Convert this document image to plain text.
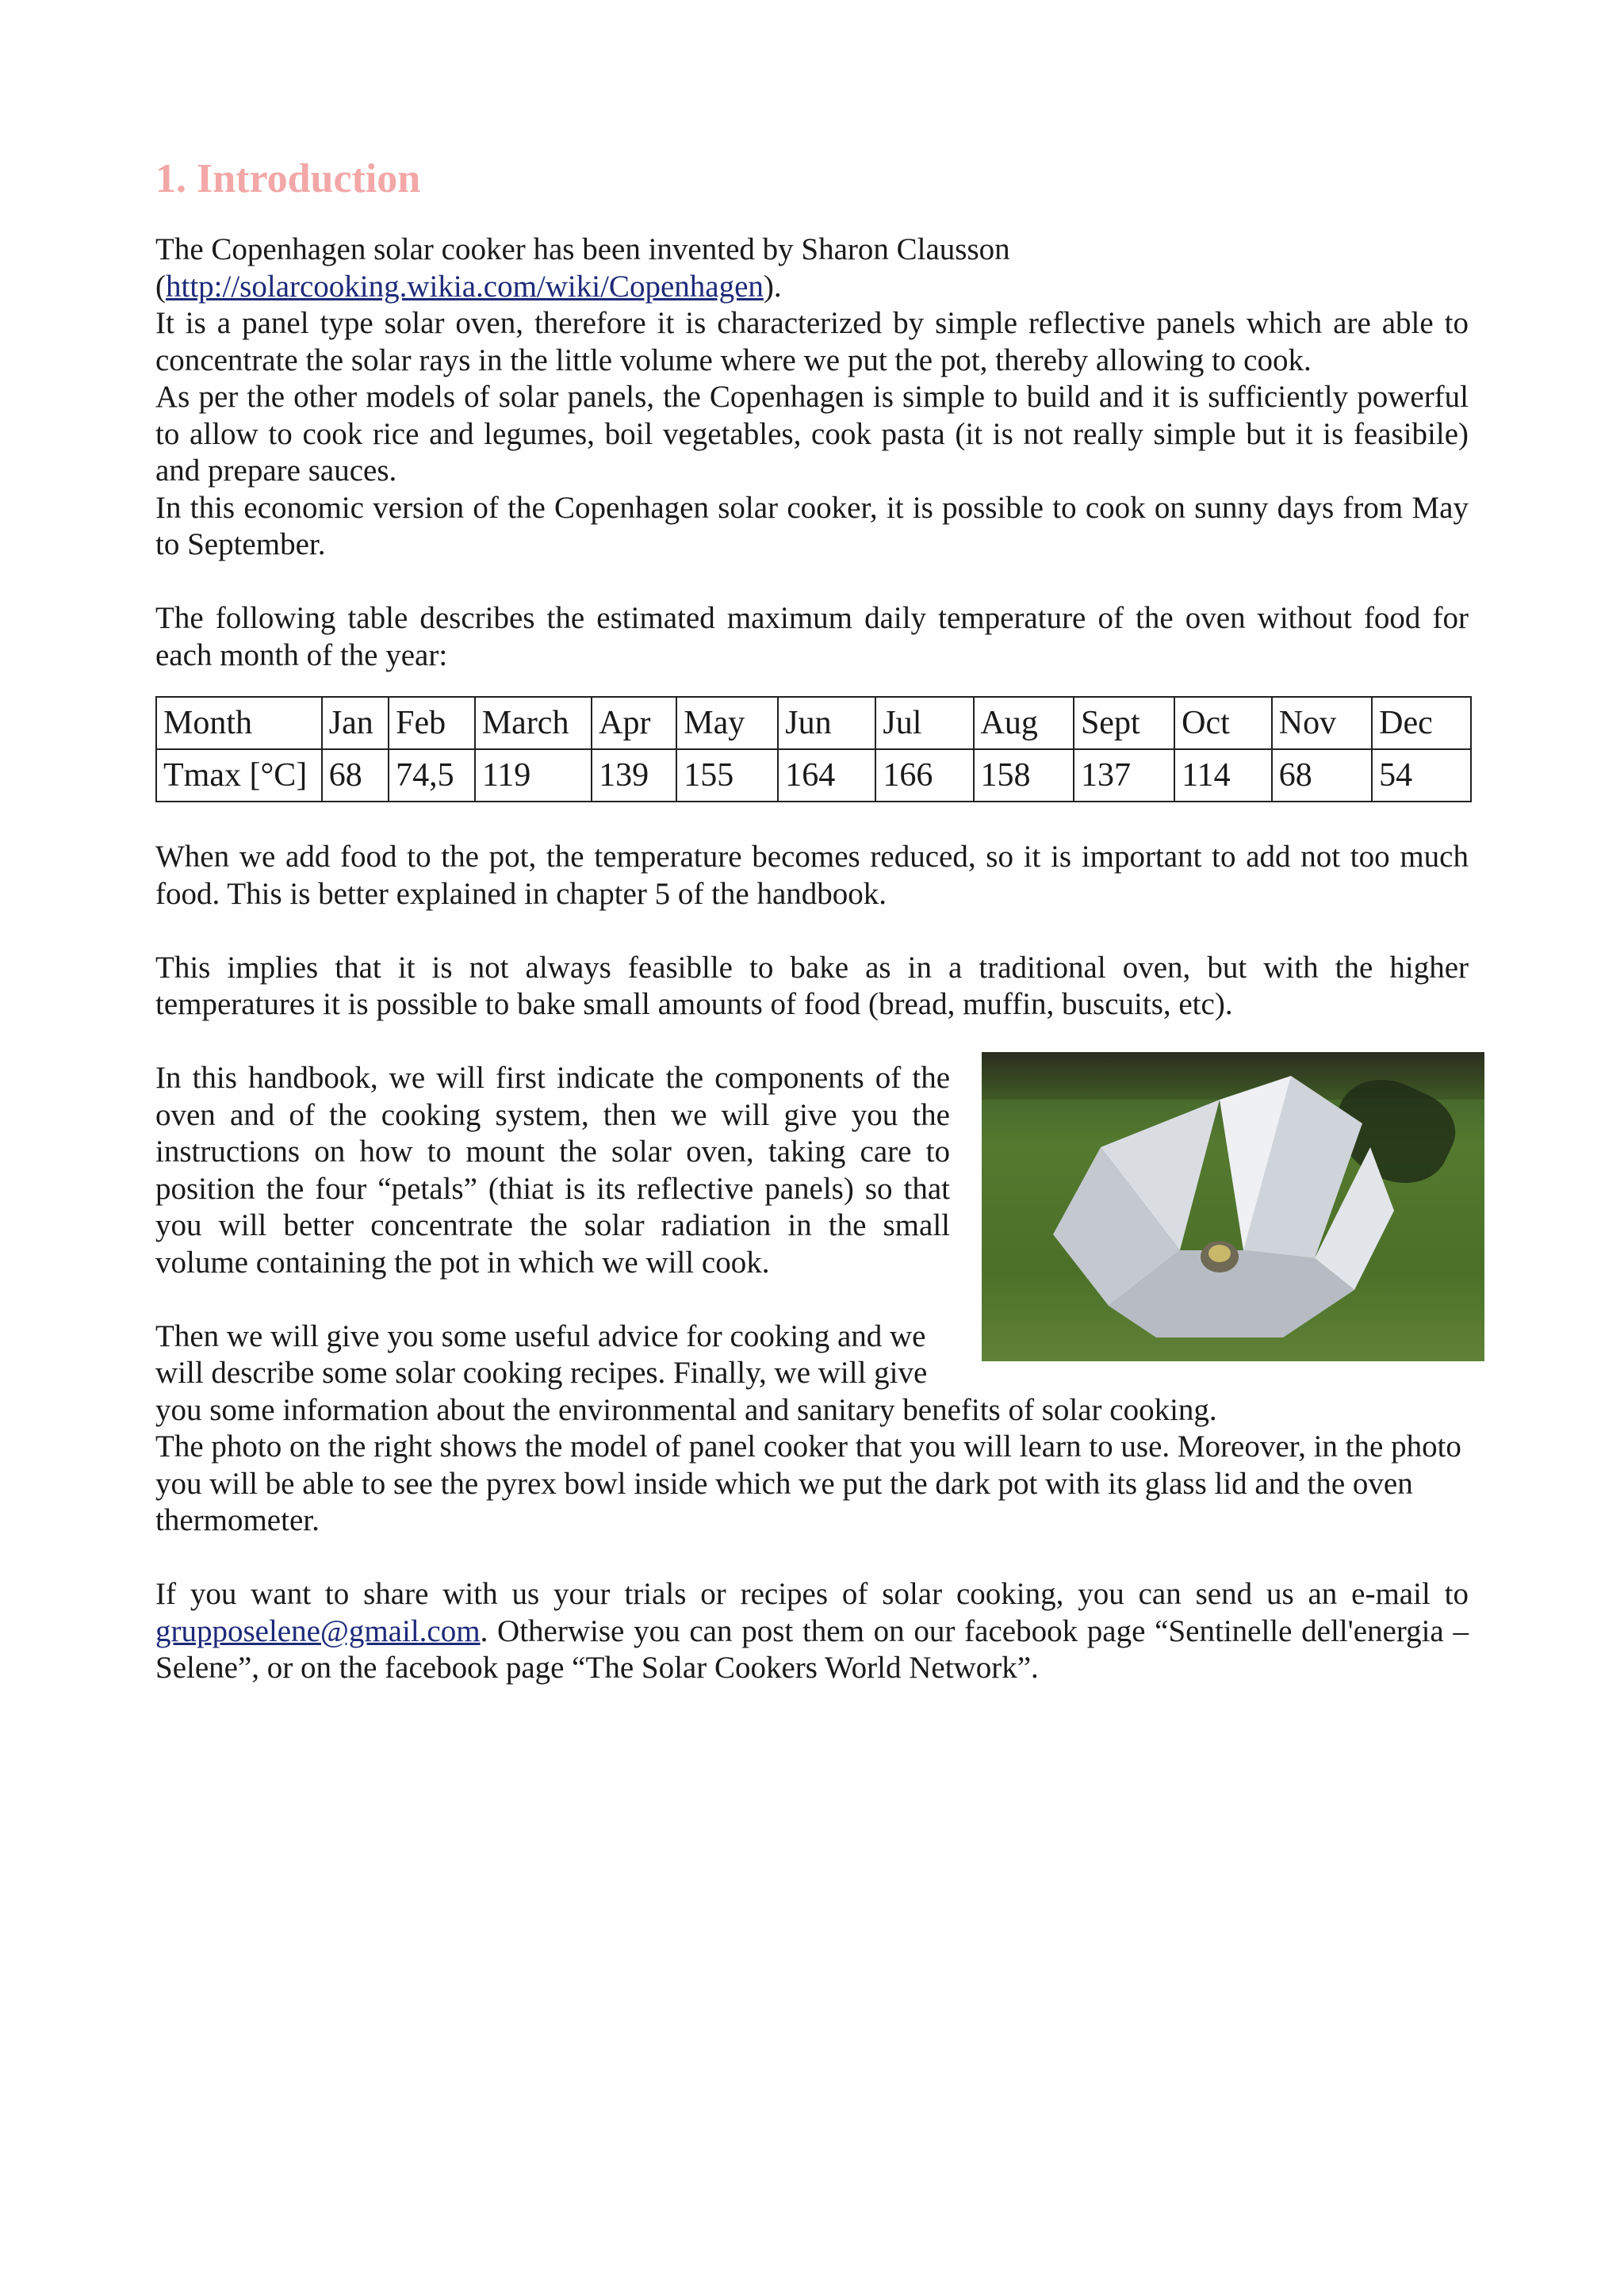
1. Introduction

The Copenhagen solar cooker has been invented by Sharon Clausson
(http://solarcooking.wikia.com/wiki/Copenhagen).

It is a panel type solar oven, therefore it is characterized by simple reflective panels which are able to concentrate the solar rays in the little volume where we put the pot, thereby allowing to cook.

As per the other models of solar panels, the Copenhagen is simple to build and it is sufficiently powerful to allow to cook rice and legumes, boil vegetables, cook pasta (it is not really simple but it is feasibile) and prepare sauces.

In this economic version of the Copenhagen solar cooker, it is possible to cook on sunny days from May to September.

The following table describes the estimated maximum daily temperature of the oven without food for each month of the year:

Month	Jan	Feb	March	Apr	May	Jun	Jul	Aug	Sept	Oct	Nov	Dec
Tmax [°C]	68	74,5	119	139	155	164	166	158	137	114	68	54

When we add food to the pot, the temperature becomes reduced, so it is important to add not too much food. This is better explained in chapter 5 of the handbook.

This implies that it is not always feasiblle to bake as in a traditional oven, but with the higher temperatures it is possible to bake small amounts of food (bread, muffin, buscuits, etc).

In this handbook, we will first indicate the components of the oven and of the cooking system, then we will give you the instructions on how to mount the solar oven, taking care to position the four “petals” (thiat is its reflective panels) so that you will better concentrate the solar radiation in the small volume containing the pot in which we will cook.

Then we will give you some useful advice for cooking and we will describe some solar cooking recipes. Finally, we will give you some information about the environmental and sanitary benefits of solar cooking.

The photo on the right shows the model of panel cooker that you will learn to use. Moreover, in the photo you will be able to see the pyrex bowl inside which we put the dark pot with its glass lid and the oven thermometer.

If you want to share with us your trials or recipes of solar cooking, you can send us an e-mail to grupposelene@gmail.com. Otherwise you can post them on our facebook page “Sentinelle dell'energia – Selene”, or on the facebook page “The Solar Cookers World Network”.
